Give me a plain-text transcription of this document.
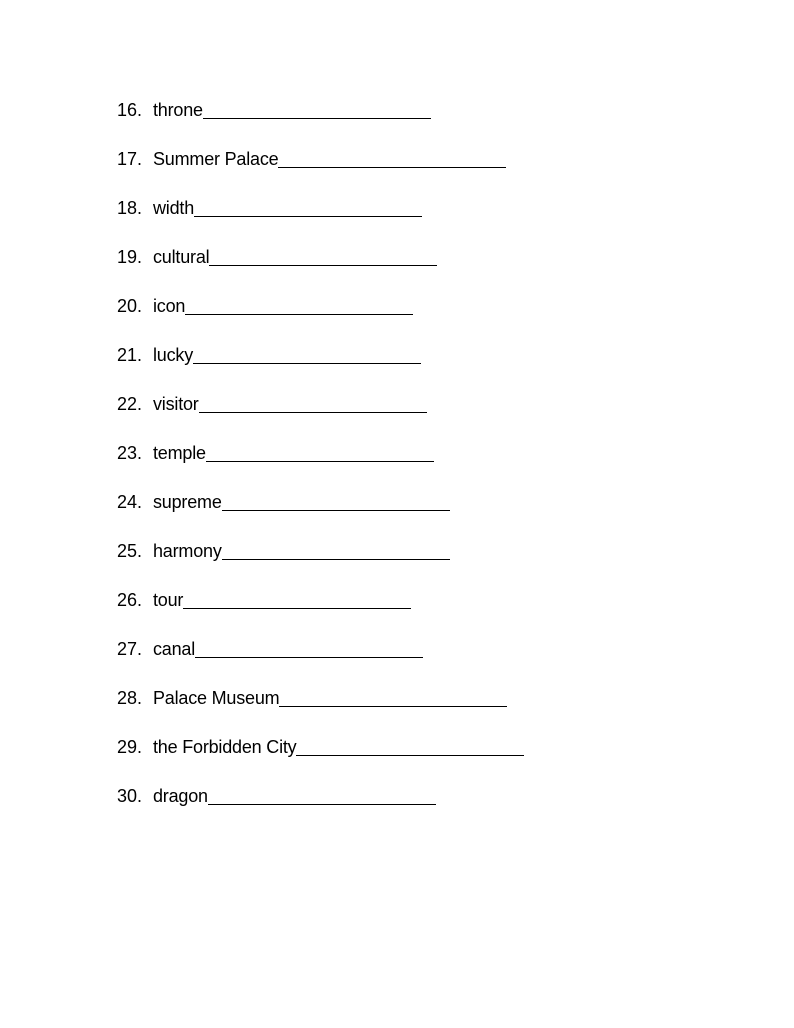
16. throne
17. Summer Palace
18. width
19. cultural
20. icon
21. lucky
22. visitor
23. temple
24. supreme
25. harmony
26. tour
27. canal
28. Palace Museum
29. the Forbidden City
30. dragon
